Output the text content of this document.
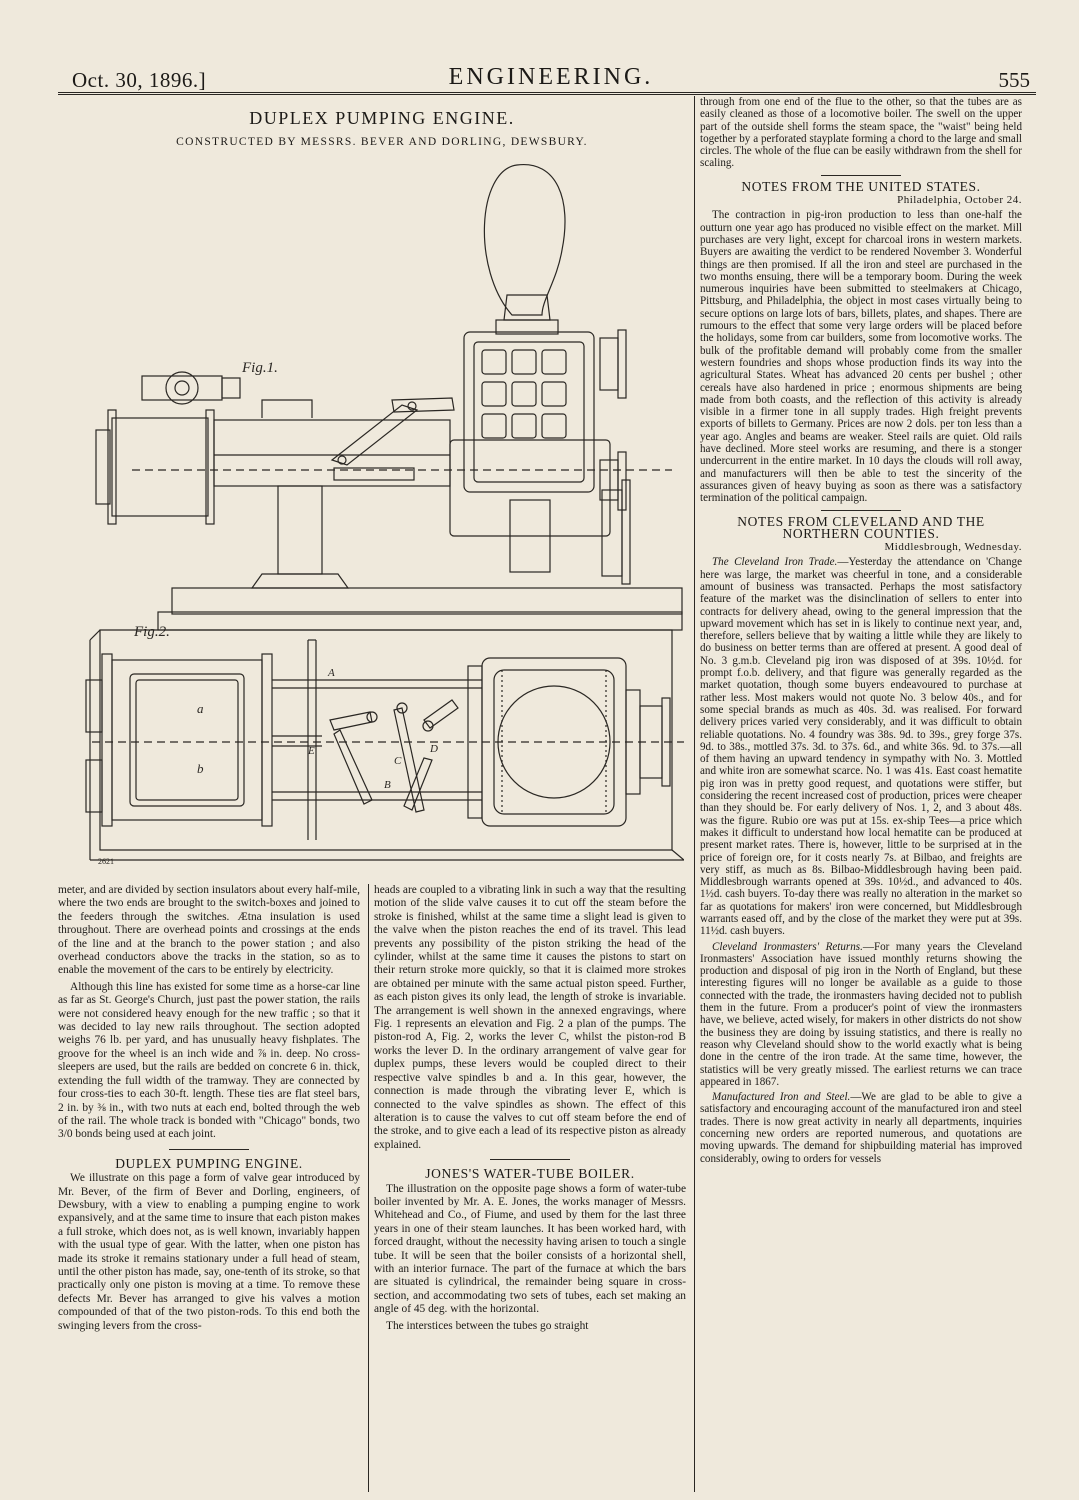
ENGINEERING.
Oct. 30, 1896.]	555
DUPLEX PUMPING ENGINE.
CONSTRUCTED BY MESSRS. BEVER AND DORLING, DEWSBURY.
Fig.1.
Fig.2.
a
b
A
B
E
C
D
2621

meter, and are divided by section insulators about every half-mile, where the two ends are brought to the switch-boxes and joined to the feeders through the switches. Ætna insulation is used throughout. There are overhead points and crossings at the ends of the line and at the branch to the power station ; and also overhead conductors above the tracks in the station, so as to enable the movement of the cars to be entirely by electricity.

Although this line has existed for some time as a horse-car line as far as St. George's Church, just past the power station, the rails were not considered heavy enough for the new traffic ; so that it was decided to lay new rails throughout. The section adopted weighs 76 lb. per yard, and has unusually heavy fishplates. The groove for the wheel is an inch wide and ⅞ in. deep. No cross-sleepers are used, but the rails are bedded on concrete 6 in. thick, extending the full width of the tramway. They are connected by four cross-ties to each 30-ft. length. These ties are flat steel bars, 2 in. by ⅜ in., with two nuts at each end, bolted through the web of the rail. The whole track is bonded with "Chicago" bonds, two 3/0 bonds being used at each joint.

DUPLEX PUMPING ENGINE.

We illustrate on this page a form of valve gear introduced by Mr. Bever, of the firm of Bever and Dorling, engineers, of Dewsbury, with a view to enabling a pumping engine to work expansively, and at the same time to insure that each piston makes a full stroke, which does not, as is well known, invariably happen with the usual type of gear. With the latter, when one piston has made its stroke it remains stationary under a full head of steam, until the other piston has made, say, one-tenth of its stroke, so that practically only one piston is moving at a time. To remove these defects Mr. Bever has arranged to give his valves a motion compounded of that of the two piston-rods. To this end both the swinging levers from the cross-

heads are coupled to a vibrating link in such a way that the resulting motion of the slide valve causes it to cut off the steam before the stroke is finished, whilst at the same time a slight lead is given to the valve when the piston reaches the end of its travel. This lead prevents any possibility of the piston striking the head of the cylinder, whilst at the same time it causes the pistons to start on their return stroke more quickly, so that it is claimed more strokes are obtained per minute with the same actual piston speed. Further, as each piston gives its only lead, the length of stroke is invariable. The arrangement is well shown in the annexed engravings, where Fig. 1 represents an elevation and Fig. 2 a plan of the pumps. The piston-rod A, Fig. 2, works the lever C, whilst the piston-rod B works the lever D. In the ordinary arrangement of valve gear for duplex pumps, these levers would be coupled direct to their respective valve spindles b and a. In this gear, however, the connection is made through the vibrating lever E, which is connected to the valve spindles as shown. The effect of this alteration is to cause the valves to cut off steam before the end of the stroke, and to give each a lead of its respective piston as already explained.

JONES'S WATER-TUBE BOILER.

The illustration on the opposite page shows a form of water-tube boiler invented by Mr. A. E. Jones, the works manager of Messrs. Whitehead and Co., of Fiume, and used by them for the last three years in one of their steam launches. It has been worked hard, with forced draught, without the necessity having arisen to touch a single tube. It will be seen that the boiler consists of a horizontal shell, with an interior furnace. The part of the furnace at which the bars are situated is cylindrical, the remainder being square in cross-section, and accommodating two sets of tubes, each set making an angle of 45 deg. with the horizontal.

The interstices between the tubes go straight

through from one end of the flue to the other, so that the tubes are as easily cleaned as those of a locomotive boiler. The swell on the upper part of the outside shell forms the steam space, the "waist" being held together by a perforated stayplate forming a chord to the large and small circles. The whole of the flue can be easily withdrawn from the shell for scaling.

NOTES FROM THE UNITED STATES.
Philadelphia, October 24.

The contraction in pig-iron production to less than one-half the outturn one year ago has produced no visible effect on the market. Mill purchases are very light, except for charcoal irons in western markets. Buyers are awaiting the verdict to be rendered November 3. Wonderful things are then promised. If all the iron and steel are purchased in the two months ensuing, there will be a temporary boom. During the week numerous inquiries have been submitted to steelmakers at Chicago, Pittsburg, and Philadelphia, the object in most cases virtually being to secure options on large lots of bars, billets, plates, and shapes. There are rumours to the effect that some very large orders will be placed before the holidays, some from car builders, some from locomotive works. The bulk of the profitable demand will probably come from the smaller western foundries and shops whose production finds its way into the agricultural States. Wheat has advanced 20 cents per bushel ; other cereals have also hardened in price ; enormous shipments are being made from both coasts, and the reflection of this activity is already visible in a firmer tone in all supply trades. High freight prevents exports of billets to Germany. Prices are now 2 dols. per ton less than a year ago. Angles and beams are weaker. Steel rails are quiet. Old rails have declined. More steel works are resuming, and there is a stonger undercurrent in the entire market. In 10 days the clouds will roll away, and manufacturers will then be able to test the sincerity of the assurances given of heavy buying as soon as there was a satisfactory termination of the political campaign.

NOTES FROM CLEVELAND AND THE NORTHERN COUNTIES.
Middlesbrough, Wednesday.

The Cleveland Iron Trade.—Yesterday the attendance on 'Change here was large, the market was cheerful in tone, and a considerable amount of business was transacted. Perhaps the most satisfactory feature of the market was the disinclination of sellers to enter into contracts for delivery ahead, owing to the general impression that the upward movement which has set in is likely to continue next year, and, therefore, sellers believe that by waiting a little while they are likely to do business on better terms than are offered at present. A good deal of No. 3 g.m.b. Cleveland pig iron was disposed of at 39s. 10½d. for prompt f.o.b. delivery, and that figure was generally regarded as the market quotation, though some buyers endeavoured to purchase at rather less. Most makers would not quote No. 3 below 40s., and for some special brands as much as 40s. 3d. was realised. For forward delivery prices varied very considerably, and it was difficult to obtain reliable quotations. No. 4 foundry was 38s. 9d. to 39s., grey forge 37s. 9d. to 38s., mottled 37s. 3d. to 37s. 6d., and white 36s. 9d. to 37s.—all of them having an upward tendency in sympathy with No. 3. Mottled and white iron are somewhat scarce. No. 1 was 41s. East coast hematite pig iron was in pretty good request, and quotations were stiffer, but considering the recent increased cost of production, prices were cheaper than they should be. For early delivery of Nos. 1, 2, and 3 about 48s. was the figure. Rubio ore was put at 15s. ex-ship Tees—a price which makes it difficult to understand how local hematite can be produced at present market rates. There is, however, little to be surprised at in the price of foreign ore, for it costs nearly 7s. at Bilbao, and freights are very stiff, as much as 8s. Bilbao-Middlesbrough having been paid. Middlesbrough warrants opened at 39s. 10½d., and advanced to 40s. 1½d. cash buyers. To-day there was really no alteration in the market so far as quotations for makers' iron were concerned, but Middlesbrough warrants eased off, and by the close of the market they were put at 39s. 11½d. cash buyers.

Cleveland Ironmasters' Returns.—For many years the Cleveland Ironmasters' Association have issued monthly returns showing the production and disposal of pig iron in the North of England, but these interesting figures will no longer be available as a guide to those connected with the trade, the ironmasters having decided not to publish them in the future. From a producer's point of view the ironmasters have, we believe, acted wisely, for makers in other districts do not show the business they are doing by issuing statistics, and there is really no reason why Cleveland should show to the world exactly what is being done in the centre of the iron trade. At the same time, however, the statistics will be very greatly missed. The earliest returns we can trace appeared in 1867.

Manufactured Iron and Steel.—We are glad to be able to give a satisfactory and encouraging account of the manufactured iron and steel trades. There is now great activity in nearly all departments, inquiries concerning new orders are reported numerous, and quotations are moving upwards. The demand for shipbuilding material has improved considerably, owing to orders for vessels
